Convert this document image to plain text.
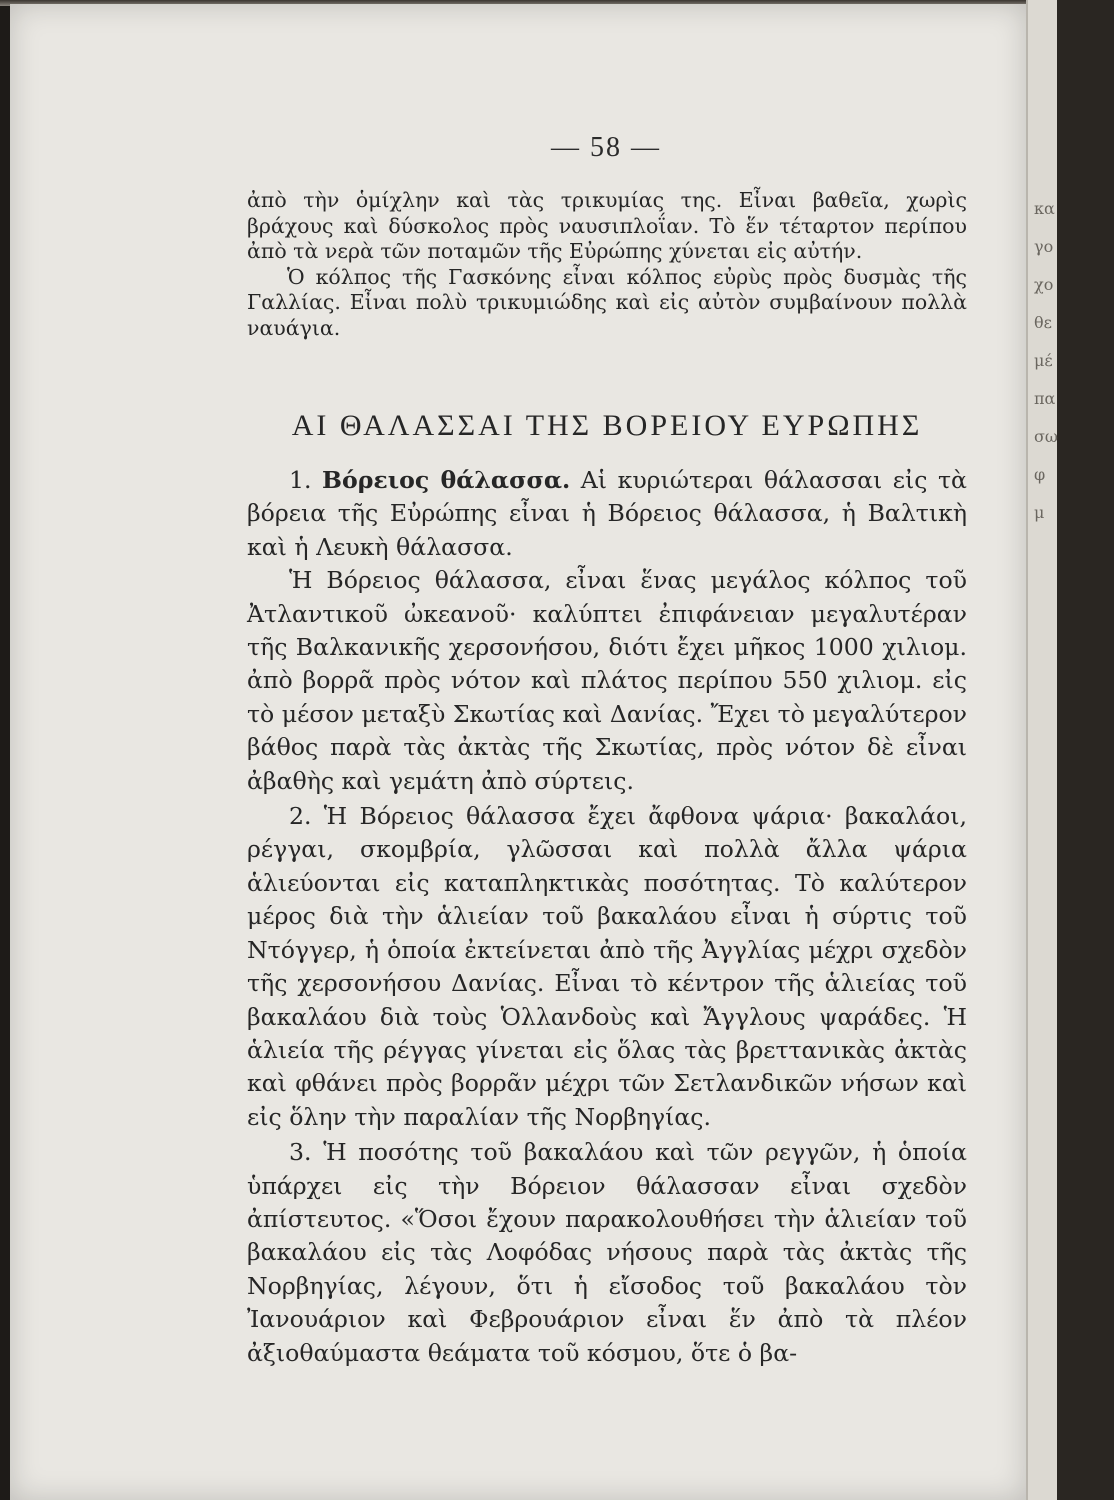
— 58 —

ἀπὸ τὴν ὁμίχλην καὶ τὰς τρικυμίας της. Εἶναι βαθεῖα, χωρὶς βράχους καὶ δύσκολος πρὸς ναυσιπλοΐαν. Τὸ ἕν τέταρτον περίπου ἀπὸ τὰ νερὰ τῶν ποταμῶν τῆς Εὐρώπης χύνεται εἰς αὐτήν.

Ὁ κόλπος τῆς Γασκόνης εἶναι κόλπος εὐρὺς πρὸς δυσμὰς τῆς Γαλλίας. Εἶναι πολὺ τρικυμιώδης καὶ εἰς αὐτὸν συμβαίνουν πολλὰ ναυάγια.

ΑΙ ΘΑΛΑΣΣΑΙ ΤΗΣ ΒΟΡΕΙΟΥ ΕΥΡΩΠΗΣ

1. Βόρειος θάλασσα. Αἱ κυριώτεραι θάλασσαι εἰς τὰ βόρεια τῆς Εὐρώπης εἶναι ἡ Βόρειος θάλασσα, ἡ Βαλτικὴ καὶ ἡ Λευκὴ θάλασσα.

Ἡ Βόρειος θάλασσα, εἶναι ἕνας μεγάλος κόλπος τοῦ Ἀτλαντικοῦ ὠκεανοῦ· καλύπτει ἐπιφάνειαν μεγαλυτέραν τῆς Βαλκανικῆς χερσονήσου, διότι ἔχει μῆκος 1000 χιλιομ. ἀπὸ βορρᾶ πρὸς νότον καὶ πλάτος περίπου 550 χιλιομ. εἰς τὸ μέσον μεταξὺ Σκωτίας καὶ Δανίας. Ἔχει τὸ μεγαλύτερον βάθος παρὰ τὰς ἀκτὰς τῆς Σκωτίας, πρὸς νότον δὲ εἶναι ἀβαθὴς καὶ γεμάτη ἀπὸ σύρτεις.

2. Ἡ Βόρειος θάλασσα ἔχει ἄφθονα ψάρια· βακαλάοι, ρέγγαι, σκομβρία, γλῶσσαι καὶ πολλὰ ἄλλα ψάρια ἁλιεύονται εἰς καταπληκτικὰς ποσότητας. Τὸ καλύτερον μέρος διὰ τὴν ἁλιείαν τοῦ βακαλάου εἶναι ἡ σύρτις τοῦ Ντόγγερ, ἡ ὁποία ἐκτείνεται ἀπὸ τῆς Ἀγγλίας μέχρι σχεδὸν τῆς χερσονήσου Δανίας. Εἶναι τὸ κέντρον τῆς ἁλιείας τοῦ βακαλάου διὰ τοὺς Ὁλλανδοὺς καὶ Ἄγγλους ψαράδες. Ἡ ἁλιεία τῆς ρέγγας γίνεται εἰς ὅλας τὰς βρεττανικὰς ἀκτὰς καὶ φθάνει πρὸς βορρᾶν μέχρι τῶν Σετλανδικῶν νήσων καὶ εἰς ὅλην τὴν παραλίαν τῆς Νορβηγίας.

3. Ἡ ποσότης τοῦ βακαλάου καὶ τῶν ρεγγῶν, ἡ ὁποία ὑπάρχει εἰς τὴν Βόρειον θάλασσαν εἶναι σχεδὸν ἀπίστευτος. «Ὅσοι ἔχουν παρακολουθήσει τὴν ἁλιείαν τοῦ βακαλάου εἰς τὰς Λοφόδας νήσους παρὰ τὰς ἀκτὰς τῆς Νορβηγίας, λέγουν, ὅτι ἡ εἴσοδος τοῦ βακαλάου τὸν Ἰανουάριον καὶ Φεβρουάριον εἶναι ἕν ἀπὸ τὰ πλέον ἀξιοθαύμαστα θεάματα τοῦ κόσμου, ὅτε ὁ βα-

κα
γο
χο
θε
μέ
πα
σω
φ
μ
